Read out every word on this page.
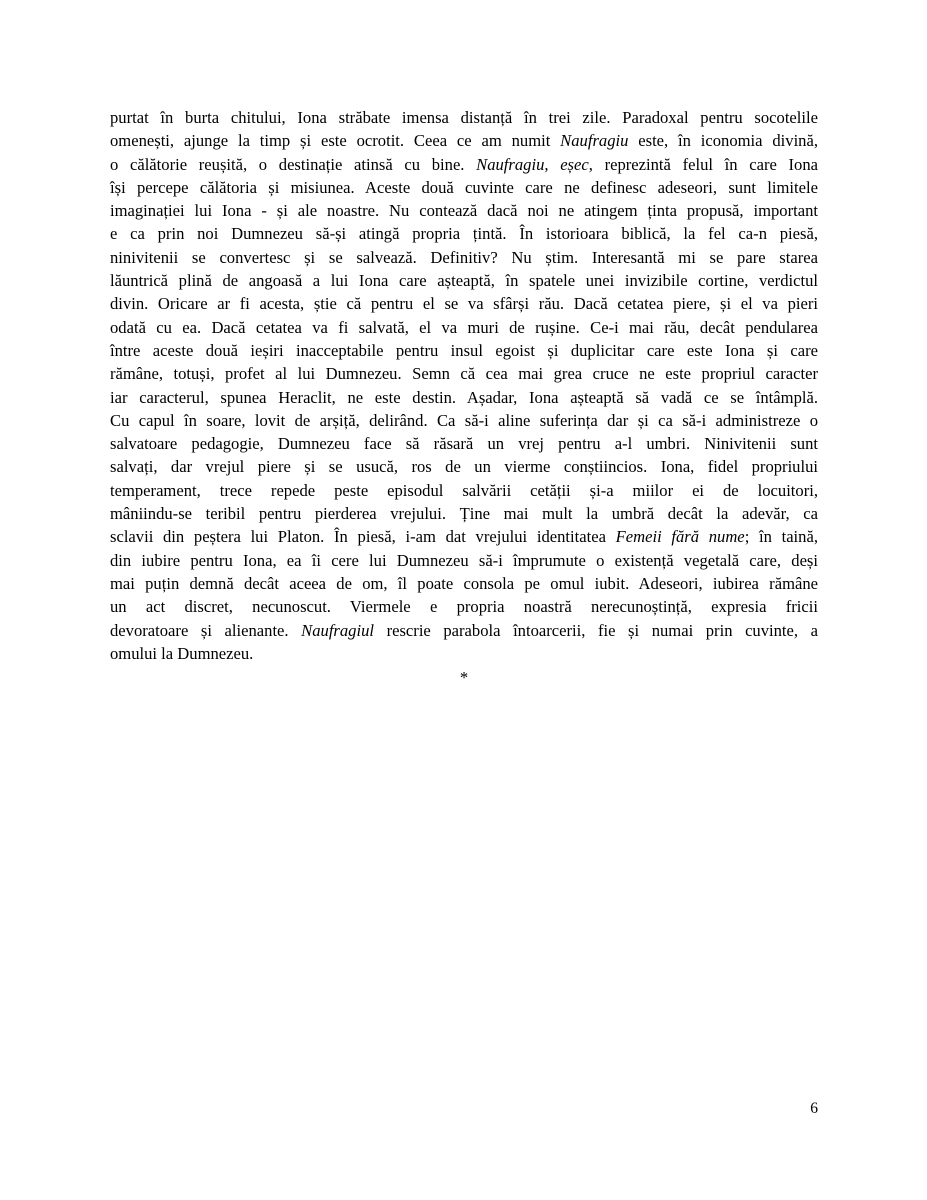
purtat în burta chitului, Iona străbate imensa distanță în trei zile. Paradoxal pentru socotelile
omenești, ajunge la timp și este ocrotit. Ceea ce am numit Naufragiu este, în iconomia divină,
o călătorie reușită, o destinație atinsă cu bine. Naufragiu, eșec, reprezintă felul în care Iona
își percepe călătoria și misiunea. Aceste două cuvinte care ne definesc adeseori, sunt limitele
imaginației lui Iona - și ale noastre. Nu contează dacă noi ne atingem ținta propusă, important
e ca prin noi Dumnezeu să-și atingă propria țintă. În istorioara biblică, la fel ca-n piesă,
ninivitenii se convertesc și se salvează. Definitiv? Nu știm. Interesantă mi se pare starea
lăuntrică plină de angoasă a lui Iona care așteaptă, în spatele unei invizibile cortine, verdictul
divin. Oricare ar fi acesta, știe că pentru el se va sfârși rău. Dacă cetatea piere, și el va pieri
odată cu ea. Dacă cetatea va fi salvată, el va muri de rușine. Ce-i mai rău, decât pendularea
între aceste două ieșiri inacceptabile pentru insul egoist și duplicitar care este Iona și care
rămâne, totuși, profet al lui Dumnezeu. Semn că cea mai grea cruce ne este propriul caracter
iar caracterul, spunea Heraclit, ne este destin. Așadar, Iona așteaptă să vadă ce se întâmplă.
Cu capul în soare, lovit de arșiță, delirând. Ca să-i aline suferința dar și ca să-i administreze o
salvatoare pedagogie, Dumnezeu face să răsară un vrej pentru a-l umbri. Ninivitenii sunt
salvați, dar vrejul piere și se usucă, ros de un vierme conștiincios. Iona, fidel propriului
temperament, trece repede peste episodul salvării cetății și-a miilor ei de locuitori,
mâniindu-se teribil pentru pierderea vrejului. Ține mai mult la umbră decât la adevăr, ca
sclavii din peștera lui Platon. În piesă, i-am dat vrejului identitatea Femeii fără nume; în taină,
din iubire pentru Iona, ea îi cere lui Dumnezeu să-i împrumute o existență vegetală care, deși
mai puțin demnă decât aceea de om, îl poate consola pe omul iubit. Adeseori, iubirea rămâne
un act discret, necunoscut. Viermele e propria noastră nerecunoștință, expresia fricii
devoratoare și alienante. Naufragiul rescrie parabola întoarcerii, fie și numai prin cuvinte, a
omului la Dumnezeu.
*
6
